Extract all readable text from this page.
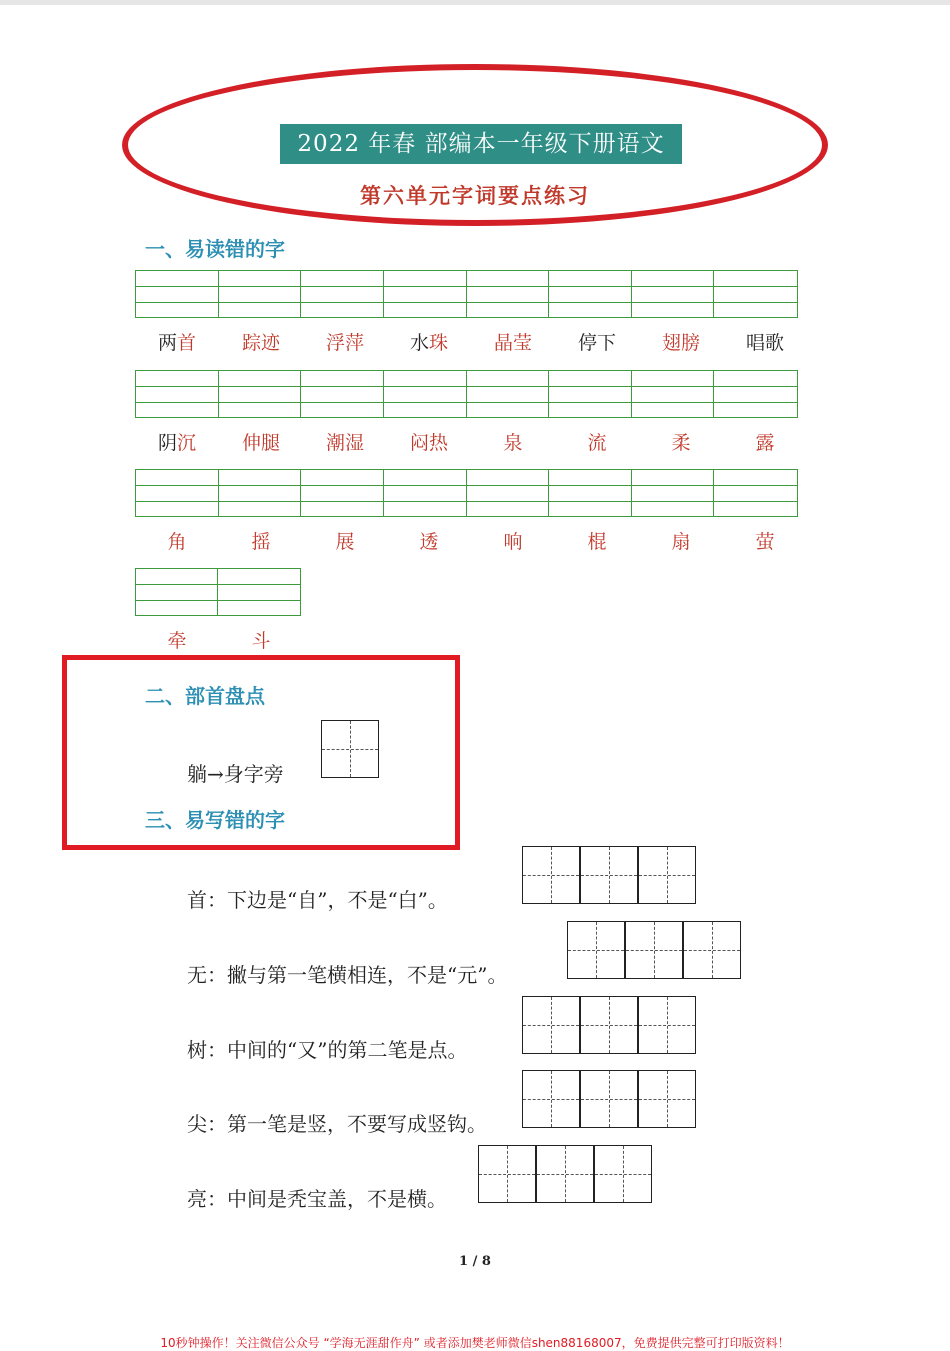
2022 年春 部编本一年级下册语文
第六单元字词要点练习
一、易读错的字
两首	踪迹	浮萍	水珠	晶莹	停下	翅膀	唱歌
阴沉	伸腿	潮湿	闷热	泉	流	柔	露
角	摇	展	透	响	棍	扇	萤
牵	斗
二、部首盘点
躺→身字旁
三、易写错的字
首：下边是“自”，不是“白”。
无：撇与第一笔横相连，不是“元”。
树：中间的“又”的第二笔是点。
尖：第一笔是竖，不要写成竖钩。
亮：中间是秃宝盖，不是横。
1 / 8
10秒钟操作！关注微信公众号 “学海无涯甜作舟” 或者添加樊老师微信shen88168007，免费提供完整可打印版资料！
